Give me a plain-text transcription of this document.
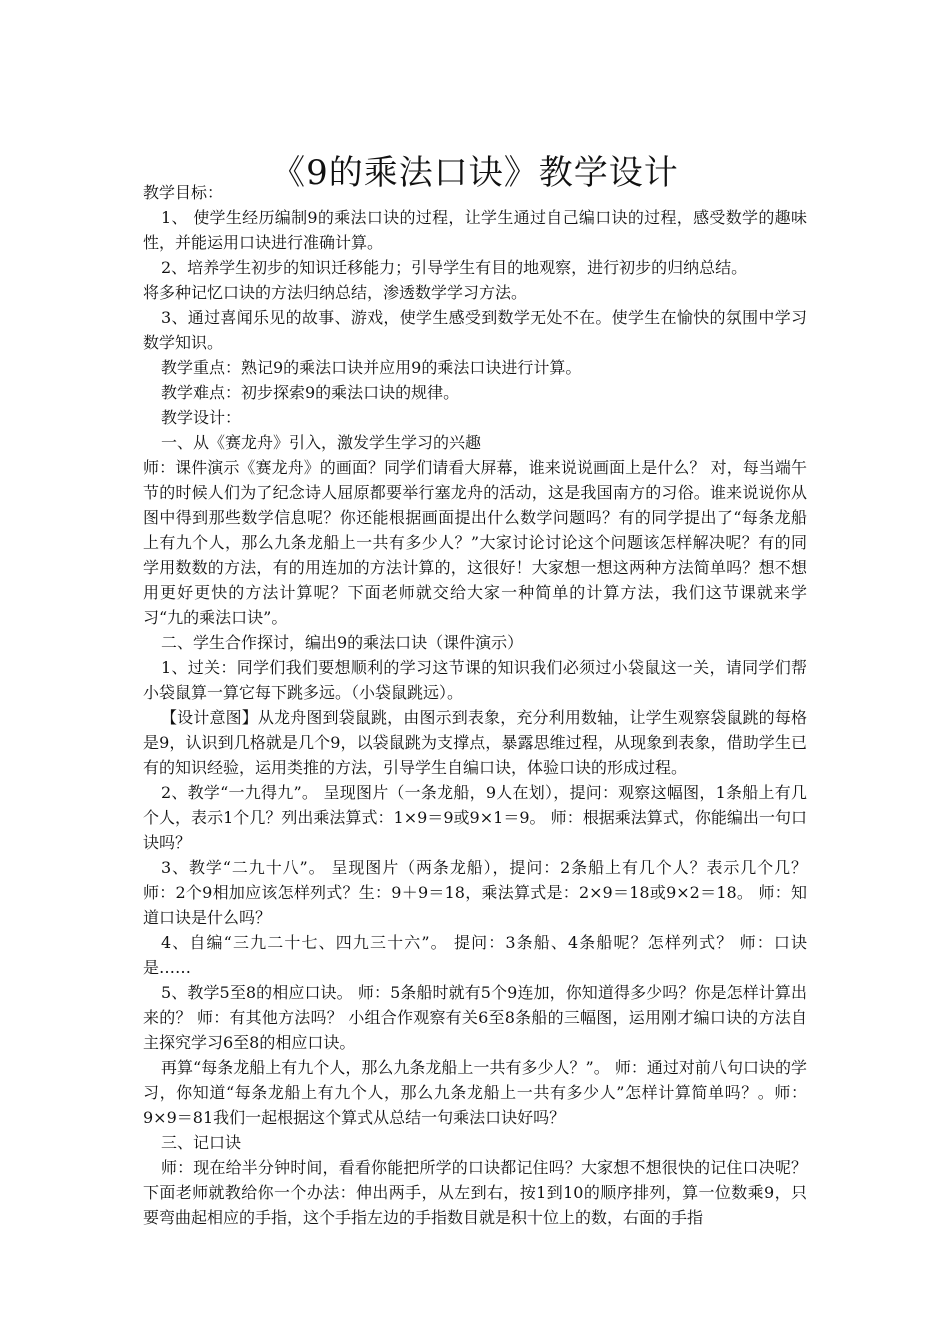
《9的乘法口诀》教学设计

教学目标：

1、 使学生经历编制9的乘法口诀的过程，让学生通过自己编口诀的过程，感受数学的趣味性，并能运用口诀进行准确计算。

2、培养学生初步的知识迁移能力；引导学生有目的地观察，进行初步的归纳总结。

将多种记忆口诀的方法归纳总结，渗透数学学习方法。

3、通过喜闻乐见的故事、游戏，使学生感受到数学无处不在。使学生在愉快的氛围中学习数学知识。

教学重点：熟记9的乘法口诀并应用9的乘法口诀进行计算。

教学难点：初步探索9的乘法口诀的规律。

教学设计：

一、从《赛龙舟》引入，激发学生学习的兴趣

师：课件演示《赛龙舟》的画面？同学们请看大屏幕，谁来说说画面上是什么？ 对，每当端午节的时候人们为了纪念诗人屈原都要举行塞龙舟的活动，这是我国南方的习俗。谁来说说你从图中得到那些数学信息呢？你还能根据画面提出什么数学问题吗？有的同学提出了“每条龙船上有九个人，那么九条龙船上一共有多少人？”大家讨论讨论这个问题该怎样解决呢？有的同学用数数的方法，有的用连加的方法计算的，这很好！大家想一想这两种方法简单吗？想不想用更好更快的方法计算呢？下面老师就交给大家一种简单的计算方法，我们这节课就来学习“九的乘法口诀”。

二、学生合作探讨，编出9的乘法口诀（课件演示）

1、过关：同学们我们要想顺利的学习这节课的知识我们必须过小袋鼠这一关，请同学们帮小袋鼠算一算它每下跳多远。（小袋鼠跳远）。

【设计意图】从龙舟图到袋鼠跳，由图示到表象，充分利用数轴，让学生观察袋鼠跳的每格是9，认识到几格就是几个9，以袋鼠跳为支撑点，暴露思维过程，从现象到表象，借助学生已有的知识经验，运用类推的方法，引导学生自编口诀，体验口诀的形成过程。

2、教学“一九得九”。 呈现图片（一条龙船，9人在划），提问：观察这幅图，1条船上有几个人，表示1个几？列出乘法算式：1×9＝9或9×1＝9。 师：根据乘法算式，你能编出一句口诀吗？

3、教学“二九十八”。 呈现图片（两条龙船），提问：2条船上有几个人？表示几个几？ 师：2个9相加应该怎样列式？生：9＋9＝18，乘法算式是：2×9＝18或9×2＝18。 师：知道口诀是什么吗？

4、自编“三九二十七、四九三十六”。 提问：3条船、4条船呢？怎样列式？ 师：口诀是……

5、教学5至8的相应口诀。 师：5条船时就有5个9连加，你知道得多少吗？你是怎样计算出来的？ 师：有其他方法吗？ 小组合作观察有关6至8条船的三幅图，运用刚才编口诀的方法自主探究学习6至8的相应口诀。

再算“每条龙船上有九个人，那么九条龙船上一共有多少人？”。 师：通过对前八句口诀的学习，你知道“每条龙船上有九个人，那么九条龙船上一共有多少人”怎样计算简单吗？。师：9×9＝81我们一起根据这个算式从总结一句乘法口诀好吗？

三、记口诀

师：现在给半分钟时间，看看你能把所学的口诀都记住吗？大家想不想很快的记住口决呢？下面老师就教给你一个办法：伸出两手，从左到右，按1到10的顺序排列，算一位数乘9，只要弯曲起相应的手指，这个手指左边的手指数目就是积十位上的数，右面的手指
